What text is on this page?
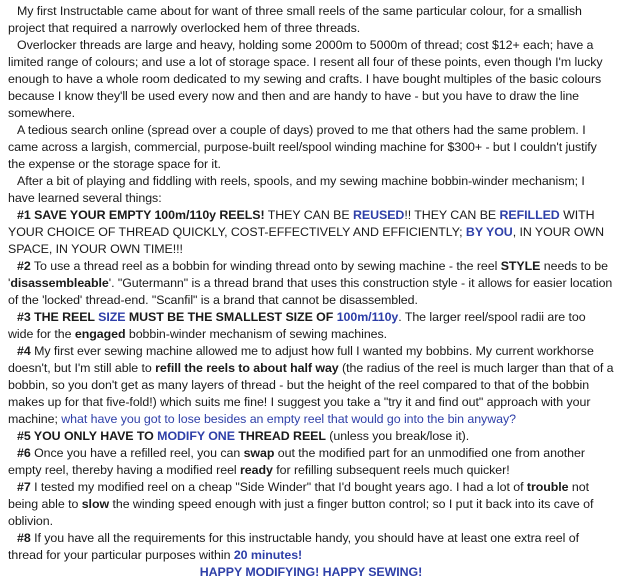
My first Instructable came about for want of three small reels of the same particular colour, for a smallish project that required a narrowly overlocked hem of three threads.

Overlocker threads are large and heavy, holding some 2000m to 5000m of thread; cost $12+ each; have a limited range of colours; and use a lot of storage space. I resent all four of these points, even though I'm lucky enough to have a whole room dedicated to my sewing and crafts. I have bought multiples of the basic colours because I know they'll be used every now and then and are handy to have - but you have to draw the line somewhere.

A tedious search online (spread over a couple of days) proved to me that others had the same problem. I came across a largish, commercial, purpose-built reel/spool winding machine for $300+ - but I couldn't justify the expense or the storage space for it.

After a bit of playing and fiddling with reels, spools, and my sewing machine bobbin-winder mechanism; I have learned several things:

#1 SAVE YOUR EMPTY 100m/110y REELS! THEY CAN BE REUSED!! THEY CAN BE REFILLED WITH YOUR CHOICE OF THREAD QUICKLY, COST-EFFECTIVELY AND EFFICIENTLY; BY YOU, IN YOUR OWN SPACE, IN YOUR OWN TIME!!!

#2 To use a thread reel as a bobbin for winding thread onto by sewing machine - the reel STYLE needs to be 'disassembleable'. "Gutermann" is a thread brand that uses this construction style - it allows for easier location of the 'locked' thread-end. "Scanfil" is a brand that cannot be disassembled.

#3 THE REEL SIZE MUST BE THE SMALLEST SIZE OF 100m/110y. The larger reel/spool radii are too wide for the engaged bobbin-winder mechanism of sewing machines.

#4 My first ever sewing machine allowed me to adjust how full I wanted my bobbins. My current workhorse doesn't, but I'm still able to refill the reels to about half way (the radius of the reel is much larger than that of a bobbin, so you don't get as many layers of thread - but the height of the reel compared to that of the bobbin makes up for that five-fold!) which suits me fine! I suggest you take a "try it and find out" approach with your machine; what have you got to lose besides an empty reel that would go into the bin anyway?

#5 YOU ONLY HAVE TO MODIFY ONE THREAD REEL (unless you break/lose it).

#6 Once you have a refilled reel, you can swap out the modified part for an unmodified one from another empty reel, thereby having a modified reel ready for refilling subsequent reels much quicker!

#7 I tested my modified reel on a cheap "Side Winder" that I'd bought years ago. I had a lot of trouble not being able to slow the winding speed enough with just a finger button control; so I put it back into its cave of oblivion.

#8 If you have all the requirements for this instructable handy, you should have at least one extra reel of thread for your particular purposes within 20 minutes!

HAPPY MODIFYING! HAPPY SEWING!
